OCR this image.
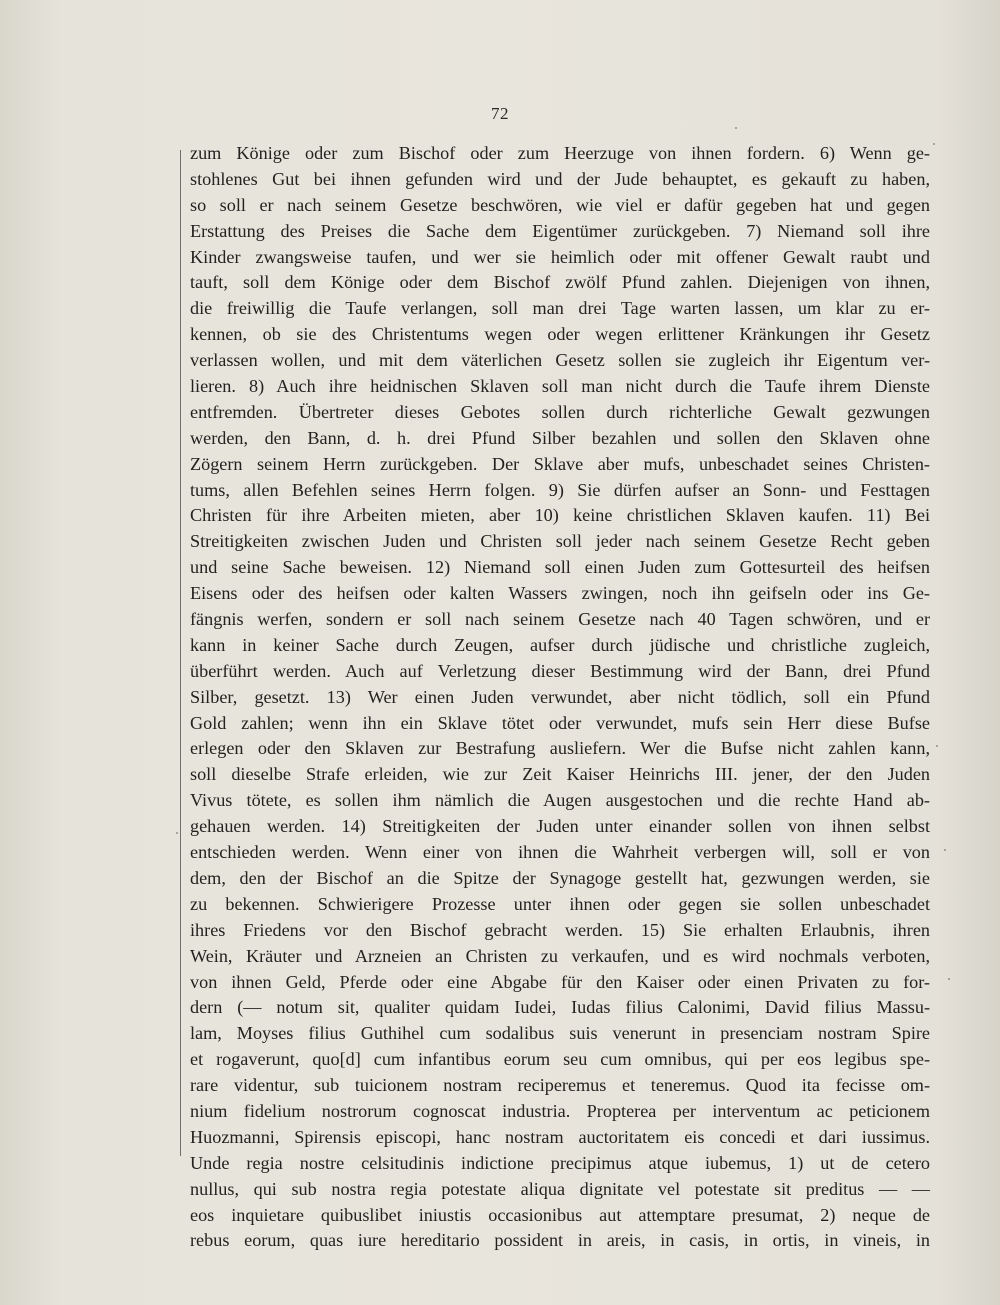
72
zum Könige oder zum Bischof oder zum Heerzuge von ihnen fordern. 6) Wenn ge-
stohlenes Gut bei ihnen gefunden wird und der Jude behauptet, es gekauft zu haben,
so soll er nach seinem Gesetze beschwören, wie viel er dafür gegeben hat und gegen
Erstattung des Preises die Sache dem Eigentümer zurückgeben. 7) Niemand soll ihre
Kinder zwangsweise taufen, und wer sie heimlich oder mit offener Gewalt raubt und
tauft, soll dem Könige oder dem Bischof zwölf Pfund zahlen. Diejenigen von ihnen,
die freiwillig die Taufe verlangen, soll man drei Tage warten lassen, um klar zu er-
kennen, ob sie des Christentums wegen oder wegen erlittener Kränkungen ihr Gesetz
verlassen wollen, und mit dem väterlichen Gesetz sollen sie zugleich ihr Eigentum ver-
lieren. 8) Auch ihre heidnischen Sklaven soll man nicht durch die Taufe ihrem Dienste
entfremden. Übertreter dieses Gebotes sollen durch richterliche Gewalt gezwungen
werden, den Bann, d. h. drei Pfund Silber bezahlen und sollen den Sklaven ohne
Zögern seinem Herrn zurückgeben. Der Sklave aber mufs, unbeschadet seines Christen-
tums, allen Befehlen seines Herrn folgen. 9) Sie dürfen aufser an Sonn- und Festtagen
Christen für ihre Arbeiten mieten, aber 10) keine christlichen Sklaven kaufen. 11) Bei
Streitigkeiten zwischen Juden und Christen soll jeder nach seinem Gesetze Recht geben
und seine Sache beweisen. 12) Niemand soll einen Juden zum Gottesurteil des heifsen
Eisens oder des heifsen oder kalten Wassers zwingen, noch ihn geifseln oder ins Ge-
fängnis werfen, sondern er soll nach seinem Gesetze nach 40 Tagen schwören, und er
kann in keiner Sache durch Zeugen, aufser durch jüdische und christliche zugleich,
überführt werden. Auch auf Verletzung dieser Bestimmung wird der Bann, drei Pfund
Silber, gesetzt. 13) Wer einen Juden verwundet, aber nicht tödlich, soll ein Pfund
Gold zahlen; wenn ihn ein Sklave tötet oder verwundet, mufs sein Herr diese Bufse
erlegen oder den Sklaven zur Bestrafung ausliefern. Wer die Bufse nicht zahlen kann,
soll dieselbe Strafe erleiden, wie zur Zeit Kaiser Heinrichs III. jener, der den Juden
Vivus tötete, es sollen ihm nämlich die Augen ausgestochen und die rechte Hand ab-
gehauen werden. 14) Streitigkeiten der Juden unter einander sollen von ihnen selbst
entschieden werden. Wenn einer von ihnen die Wahrheit verbergen will, soll er von
dem, den der Bischof an die Spitze der Synagoge gestellt hat, gezwungen werden, sie
zu bekennen. Schwierigere Prozesse unter ihnen oder gegen sie sollen unbeschadet
ihres Friedens vor den Bischof gebracht werden. 15) Sie erhalten Erlaubnis, ihren
Wein, Kräuter und Arzneien an Christen zu verkaufen, und es wird nochmals verboten,
von ihnen Geld, Pferde oder eine Abgabe für den Kaiser oder einen Privaten zu for-
dern (— notum sit, qualiter quidam Iudei, Iudas filius Calonimi, David filius Massu-
lam, Moyses filius Guthihel cum sodalibus suis venerunt in presenciam nostram Spire
et rogaverunt, quo[d] cum infantibus eorum seu cum omnibus, qui per eos legibus spe-
rare videntur, sub tuicionem nostram reciperemus et teneremus. Quod ita fecisse om-
nium fidelium nostrorum cognoscat industria. Propterea per interventum ac peticionem
Huozmanni, Spirensis episcopi, hanc nostram auctoritatem eis concedi et dari iussimus.
Unde regia nostre celsitudinis indictione precipimus atque iubemus, 1) ut de cetero
nullus, qui sub nostra regia potestate aliqua dignitate vel potestate sit preditus — —
eos inquietare quibuslibet iniustis occasionibus aut attemptare presumat, 2) neque de
rebus eorum, quas iure hereditario possident in areis, in casis, in ortis, in vineis, in
